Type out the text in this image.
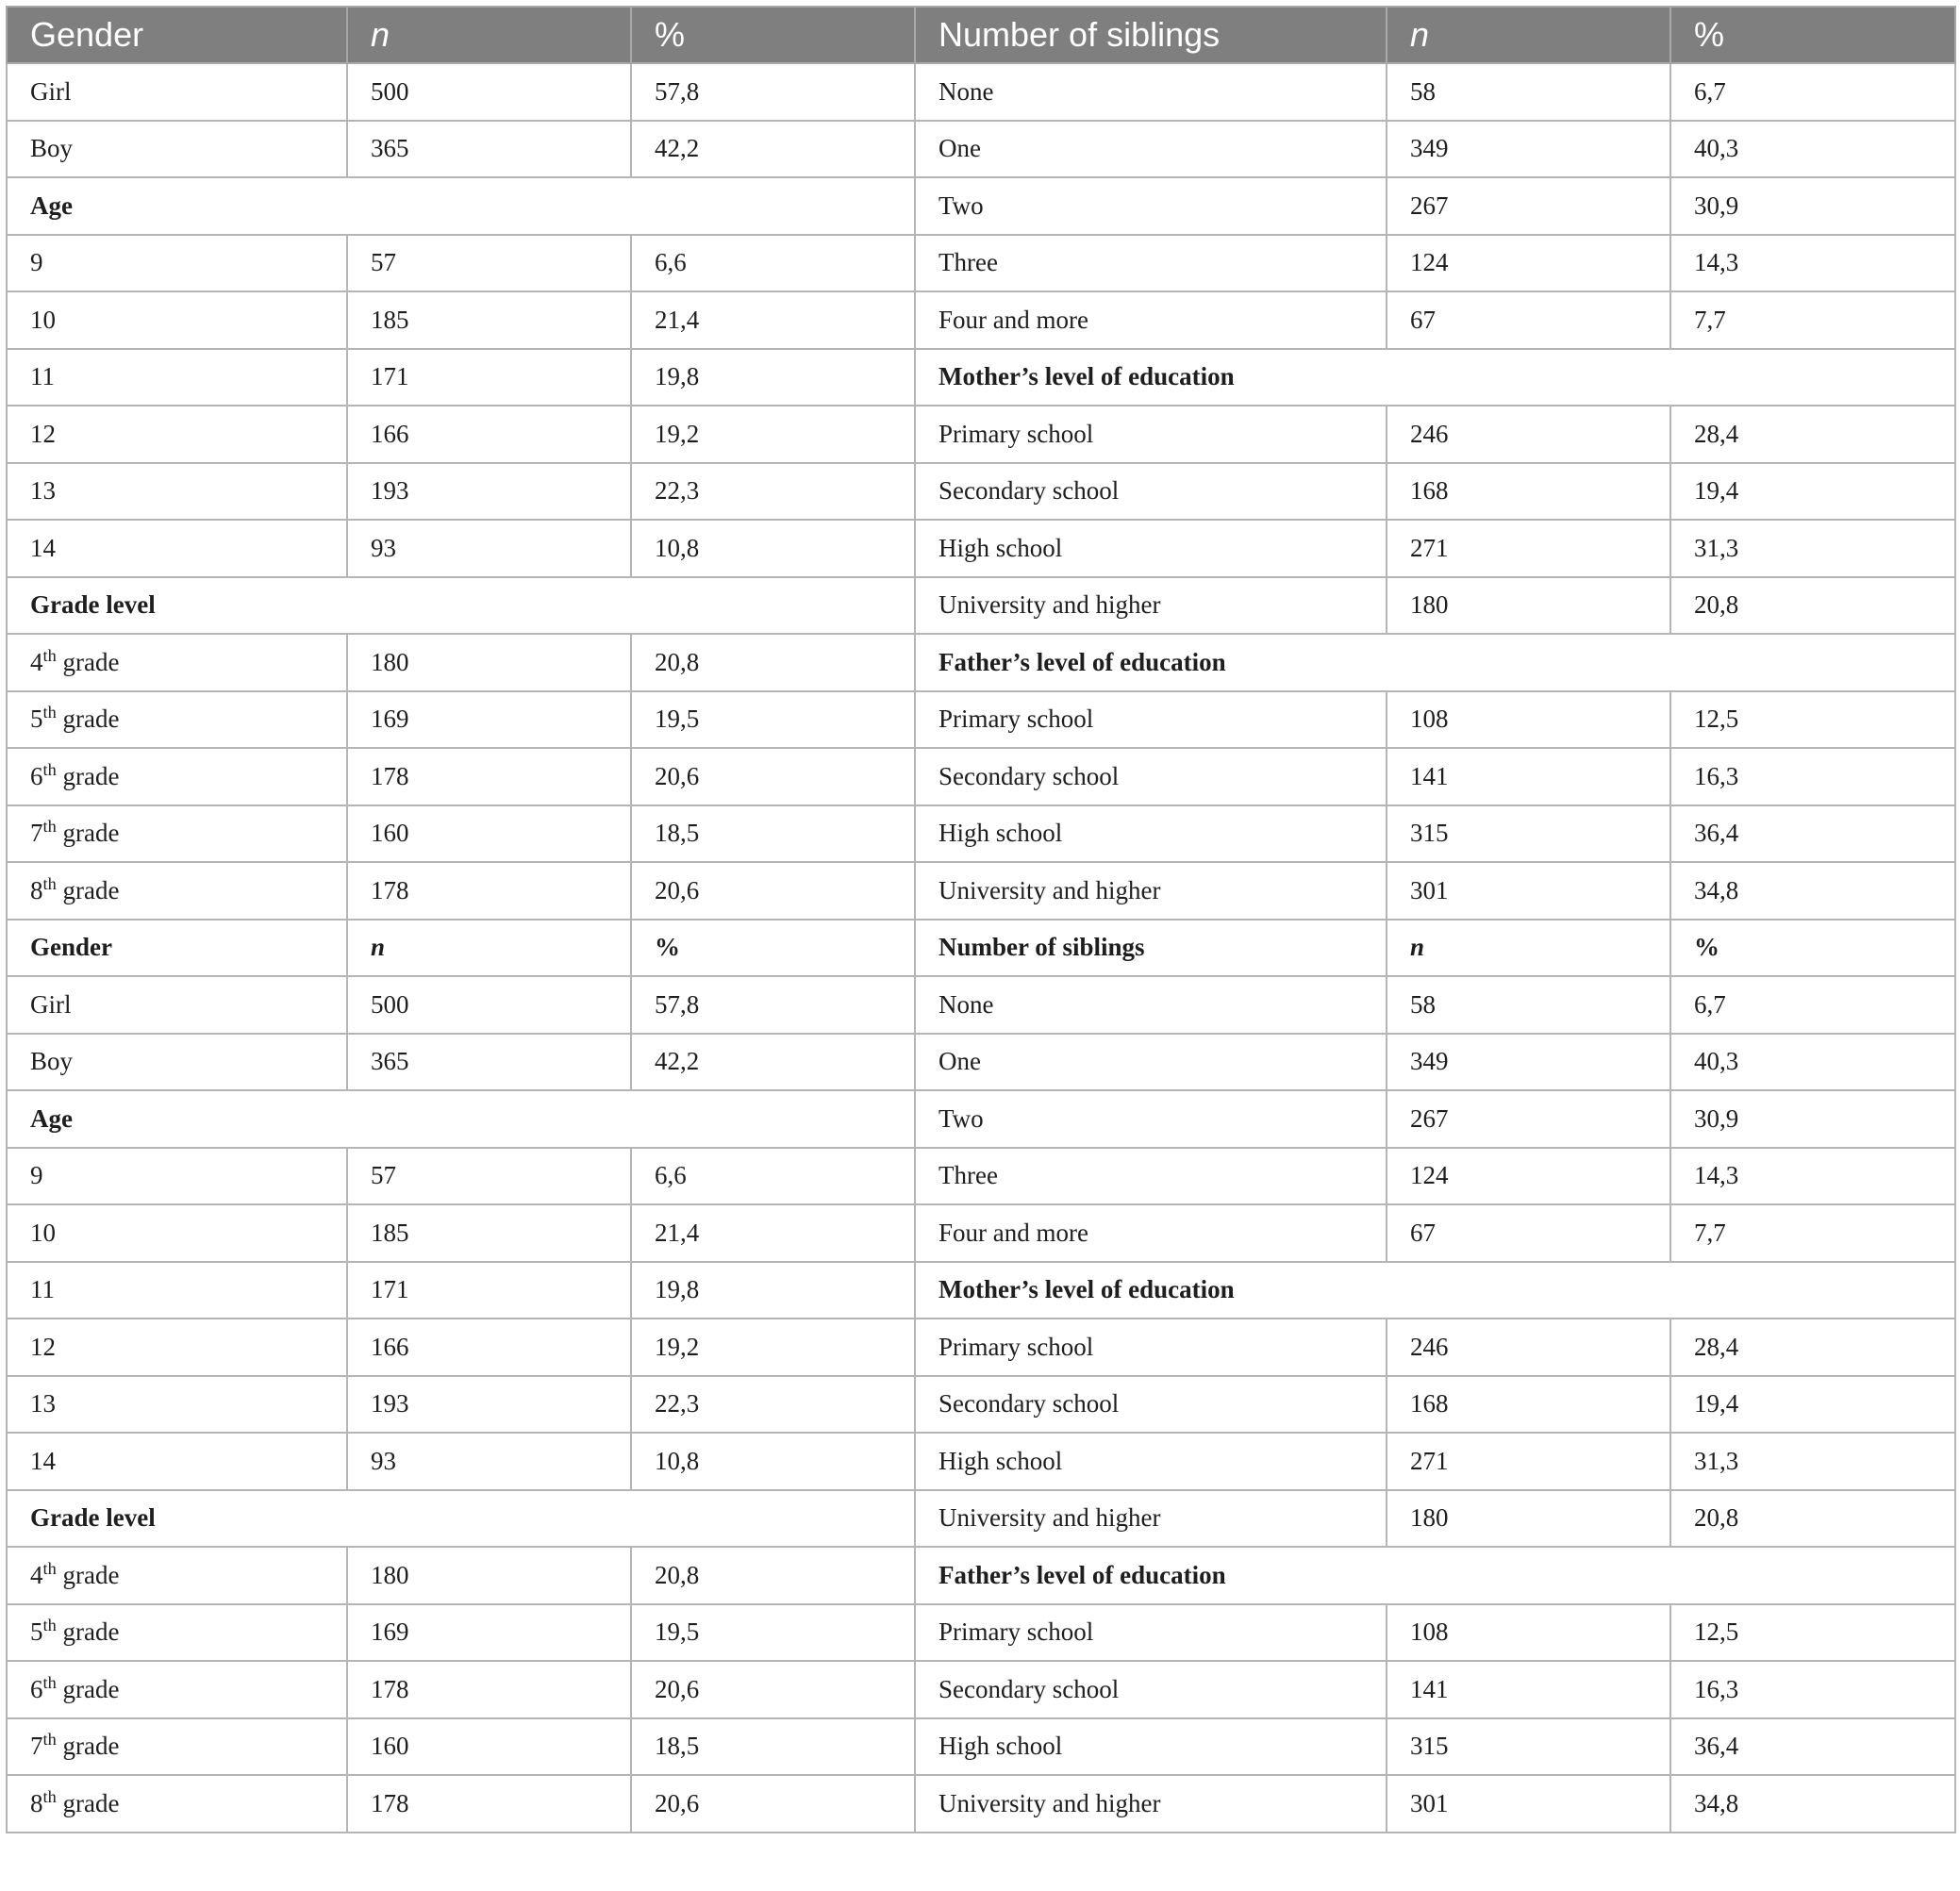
Gender	n	%	Number of siblings	n	%
Girl	500	57,8	None	58	6,7
Boy	365	42,2	One	349	40,3
Age			Two	267	30,9
9	57	6,6	Three	124	14,3
10	185	21,4	Four and more	67	7,7
11	171	19,8	Mother’s level of education		
12	166	19,2	Primary school	246	28,4
13	193	22,3	Secondary school	168	19,4
14	93	10,8	High school	271	31,3
Grade level			University and higher	180	20,8
4th grade	180	20,8	Father’s level of education		
5th grade	169	19,5	Primary school	108	12,5
6th grade	178	20,6	Secondary school	141	16,3
7th grade	160	18,5	High school	315	36,4
8th grade	178	20,6	University and higher	301	34,8
Gender	n	%	Number of siblings	n	%
Girl	500	57,8	None	58	6,7
Boy	365	42,2	One	349	40,3
Age			Two	267	30,9
9	57	6,6	Three	124	14,3
10	185	21,4	Four and more	67	7,7
11	171	19,8	Mother’s level of education		
12	166	19,2	Primary school	246	28,4
13	193	22,3	Secondary school	168	19,4
14	93	10,8	High school	271	31,3
Grade level			University and higher	180	20,8
4th grade	180	20,8	Father’s level of education		
5th grade	169	19,5	Primary school	108	12,5
6th grade	178	20,6	Secondary school	141	16,3
7th grade	160	18,5	High school	315	36,4
8th grade	178	20,6	University and higher	301	34,8
